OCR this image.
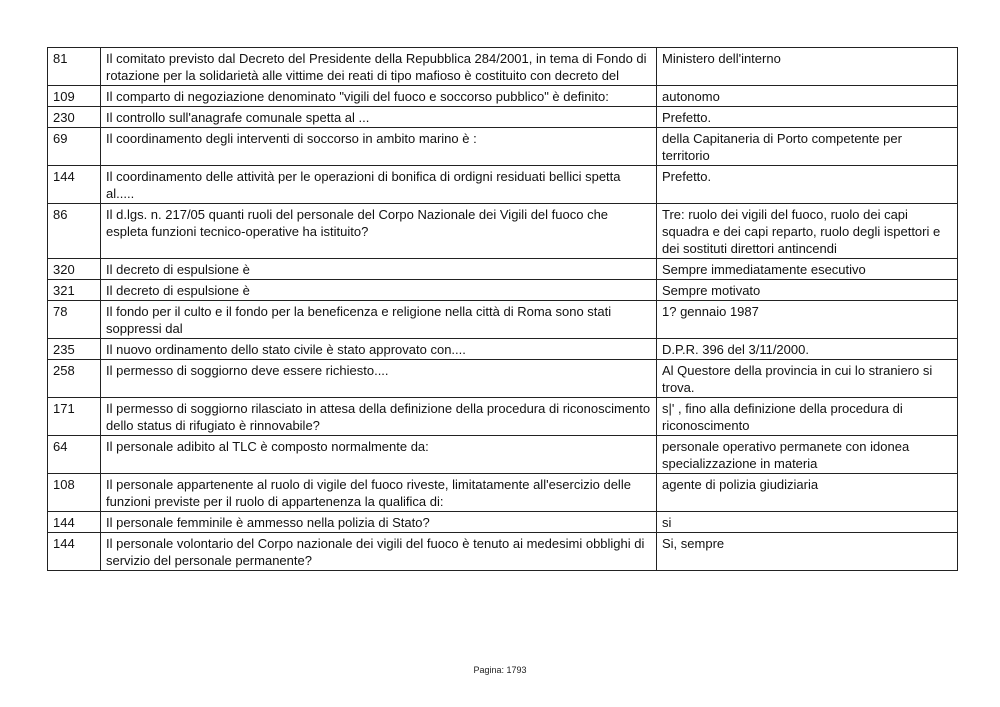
81	Il comitato previsto dal Decreto del Presidente della Repubblica 284/2001, in tema di Fondo di rotazione per la solidarietà alle vittime dei reati di tipo mafioso è costituito con decreto del	Ministero dell'interno
109	Il comparto di negoziazione denominato "vigili del fuoco e soccorso pubblico" è definito:	autonomo
230	Il controllo sull'anagrafe comunale spetta al ...	Prefetto.
69	Il coordinamento degli interventi di soccorso in ambito marino è :	della Capitaneria di Porto competente per territorio
144	Il coordinamento delle attività per le operazioni di bonifica di ordigni residuati bellici spetta al.....	Prefetto.
86	Il d.lgs. n. 217/05 quanti ruoli del personale del Corpo Nazionale dei Vigili del fuoco che espleta funzioni tecnico-operative ha istituito?	Tre: ruolo dei vigili del fuoco, ruolo dei capi squadra e dei capi reparto, ruolo degli ispettori e dei sostituti direttori antincendi
320	Il decreto di espulsione è	Sempre immediatamente esecutivo
321	Il decreto di espulsione è	Sempre motivato
78	Il fondo per il culto e il fondo per la beneficenza e religione nella città di Roma sono stati soppressi dal	1? gennaio 1987
235	Il nuovo ordinamento dello stato civile è stato approvato con....	D.P.R. 396 del 3/11/2000.
258	Il permesso di soggiorno deve essere richiesto....	Al Questore della provincia in cui lo straniero si trova.
171	Il permesso di soggiorno rilasciato in attesa della definizione della procedura di riconoscimento dello status di rifugiato è rinnovabile?	s|' , fino alla definizione della procedura di riconoscimento
64	Il personale adibito al TLC è composto normalmente da:	personale operativo permanete con idonea specializzazione in materia
108	Il personale appartenente al ruolo di vigile del fuoco riveste, limitatamente all'esercizio delle funzioni previste per il ruolo di appartenenza la qualifica di:	agente di polizia giudiziaria
144	Il personale femminile è ammesso nella polizia di Stato?	si
144	Il personale volontario del Corpo nazionale dei vigili del fuoco è tenuto ai medesimi obblighi di servizio del personale permanente?	Si, sempre
Pagina: 1793
